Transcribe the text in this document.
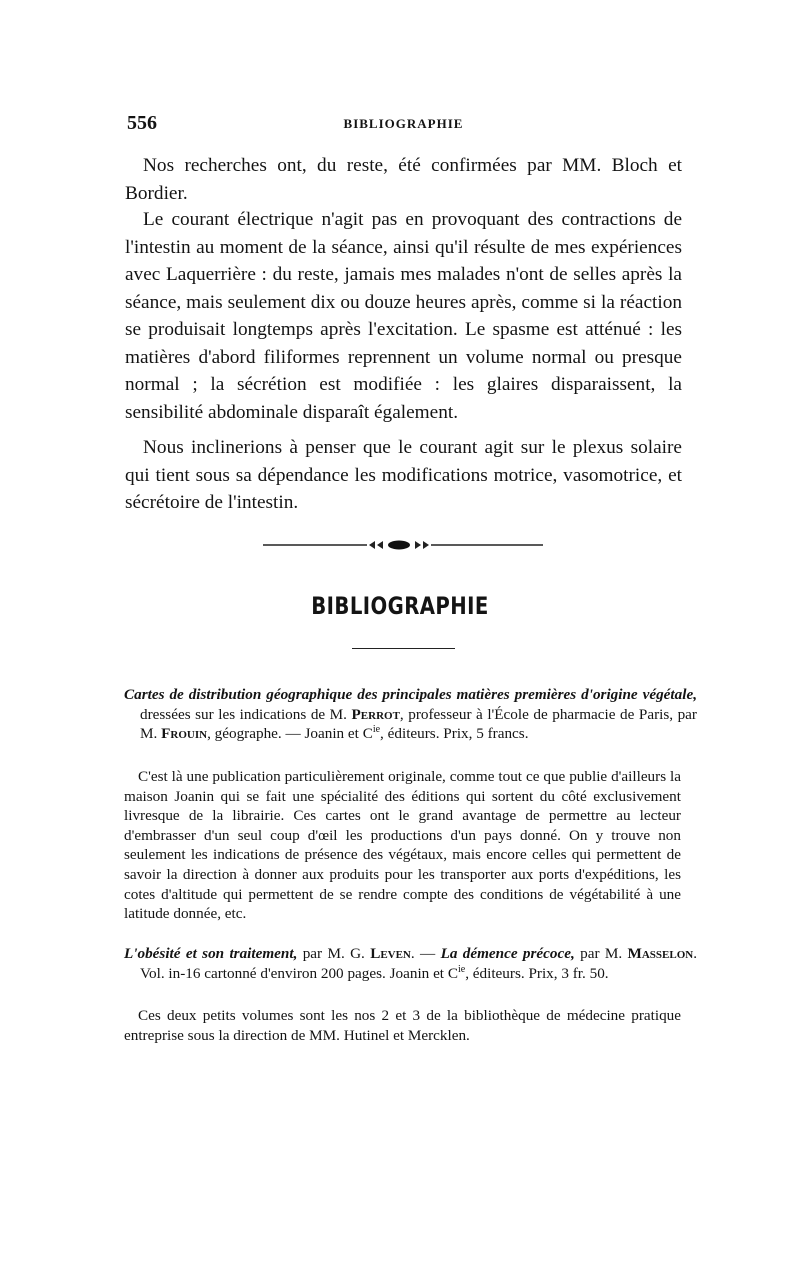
556	BIBLIOGRAPHIE

Nos recherches ont, du reste, été confirmées par MM. Bloch et Bordier.

Le courant électrique n'agit pas en provoquant des contractions de l'intestin au moment de la séance, ainsi qu'il résulte de mes expériences avec Laquerrière : du reste, jamais mes malades n'ont de selles après la séance, mais seulement dix ou douze heures après, comme si la réaction se produisait longtemps après l'excitation. Le spasme est atténué : les matières d'abord filiformes reprennent un volume normal ou presque normal ; la sécrétion est modifiée : les glaires disparaissent, la sensibilité abdominale disparaît également.

Nous inclinerions à penser que le courant agit sur le plexus solaire qui tient sous sa dépendance les modifications motrice, vasomotrice, et sécrétoire de l'intestin.

BIBLIOGRAPHIE

Cartes de distribution géographique des principales matières premières d'origine végétale, dressées sur les indications de M. Perrot, professeur à l'École de pharmacie de Paris, par M. Frouin, géographe. — Joanin et $C^{ie}$, éditeurs. Prix, 5 francs.

C'est là une publication particulièrement originale, comme tout ce que publie d'ailleurs la maison Joanin qui se fait une spécialité des éditions qui sortent du côté exclusivement livresque de la librairie. Ces cartes ont le grand avantage de permettre au lecteur d'embrasser d'un seul coup d'œil les productions d'un pays donné. On y trouve non seulement les indications de présence des végétaux, mais encore celles qui permettent de savoir la direction à donner aux produits pour les transporter aux ports d'expéditions, les cotes d'altitude qui permettent de se rendre compte des conditions de végétabilité à une latitude donnée, etc.

L'obésité et son traitement, par M. G. Leven. — La démence précoce, par M. Masselon. Vol. in-16 cartonné d'environ 200 pages. Joanin et $C^{ie}$, éditeurs. Prix, 3 fr. 50.

Ces deux petits volumes sont les nos 2 et 3 de la bibliothèque de médecine pratique entreprise sous la direction de MM. Hutinel et Mercklen.
